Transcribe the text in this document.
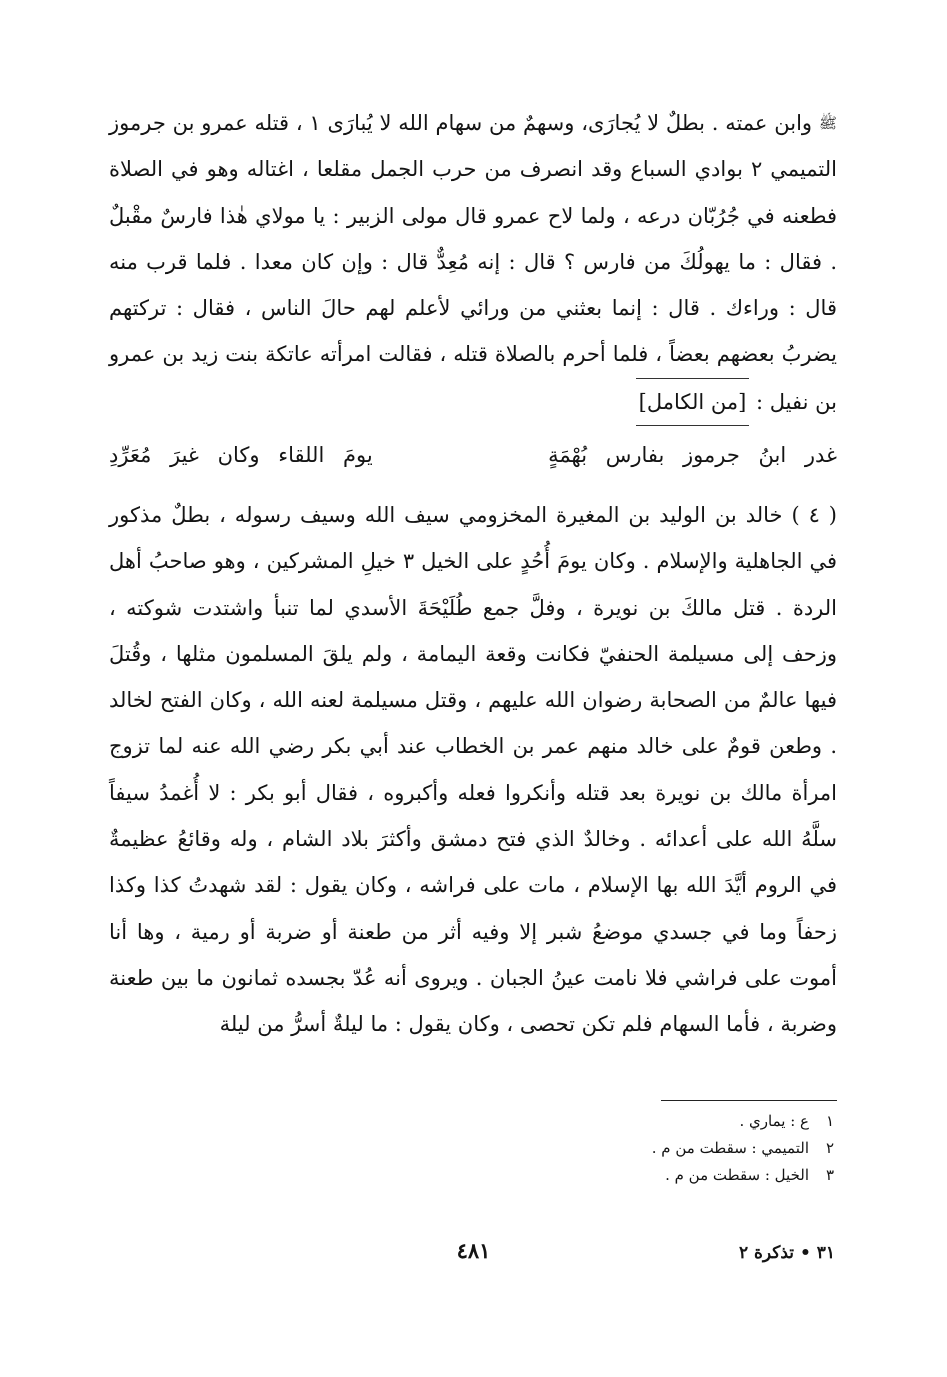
ﷺ وابن عمته . بطلٌ لا يُجارَى، وسهمٌ من سهام الله لا يُبارَى ١ ، قتله عمرو بن جرموز التميمي ٢ بوادي السباع وقد انصرف من حرب الجمل مقلعا ، اغتاله وهو في الصلاة فطعنه في جُرُبّان درعه ، ولما لاح عمرو قال مولى الزبير : يا مولاي هٰذا فارسٌ مقْبلٌ . فقال : ما يهولُكَ من فارس ؟ قال : إنه مُعِدٌّ قال : وإن كان معدا . فلما قرب منه قال : وراءك . قال : إنما بعثني من ورائي لأعلم لهم حالَ الناس ، فقال : تركتهم يضربُ بعضهم بعضاً ، فلما أحرم بالصلاة قتله ، فقالت امرأته عاتكة بنت زيد بن عمرو بن نفيل : [من الكامل]

غدر ابنُ جرموز بفارس بُهْمَةٍ
يومَ اللقاء وكان غيرَ مُعَرِّدِ

( ٤ ) خالد بن الوليد بن المغيرة المخزومي سيف الله وسيف رسوله ، بطلٌ مذكور في الجاهلية والإسلام . وكان يومَ أُحُدٍ على الخيل ٣ خيلِ المشركين ، وهو صاحبُ أهل الردة . قتل مالكَ بن نويرة ، وفلَّ جمع طُلَيْحَةَ الأسدي لما تنبأ واشتدت شوكته ، وزحف إلى مسيلمة الحنفيّ فكانت وقعة اليمامة ، ولم يلقَ المسلمون مثلها ، وقُتلَ فيها عالمٌ من الصحابة رضوان الله عليهم ، وقتل مسيلمة لعنه الله ، وكان الفتح لخالد . وطعن قومٌ على خالد منهم عمر بن الخطاب عند أبي بكر رضي الله عنه لما تزوج امرأة مالك بن نويرة بعد قتله وأنكروا فعله وأكبروه ، فقال أبو بكر : لا أُغمدُ سيفاً سلَّهُ الله على أعدائه . وخالدٌ الذي فتح دمشق وأكثرَ بلاد الشام ، وله وقائعُ عظيمةٌ في الروم أيَّدَ الله بها الإسلام ، مات على فراشه ، وكان يقول : لقد شهدتُ كذا وكذا زحفاً وما في جسدي موضعُ شبر إلا وفيه أثر من طعنة أو ضربة أو رمية ، وها أنا أموت على فراشي فلا نامت عينُ الجبان . ويروى أنه عُدّ بجسده ثمانون ما بين طعنة وضربة ، فأما السهام فلم تكن تحصى ، وكان يقول : ما ليلةٌ أسرُّ من ليلة

١
ع : يماري .
٢
التميمي : سقطت من م .
٣
الخيل : سقطت من م .
٣١ • تذكرة ٢
٤٨١
